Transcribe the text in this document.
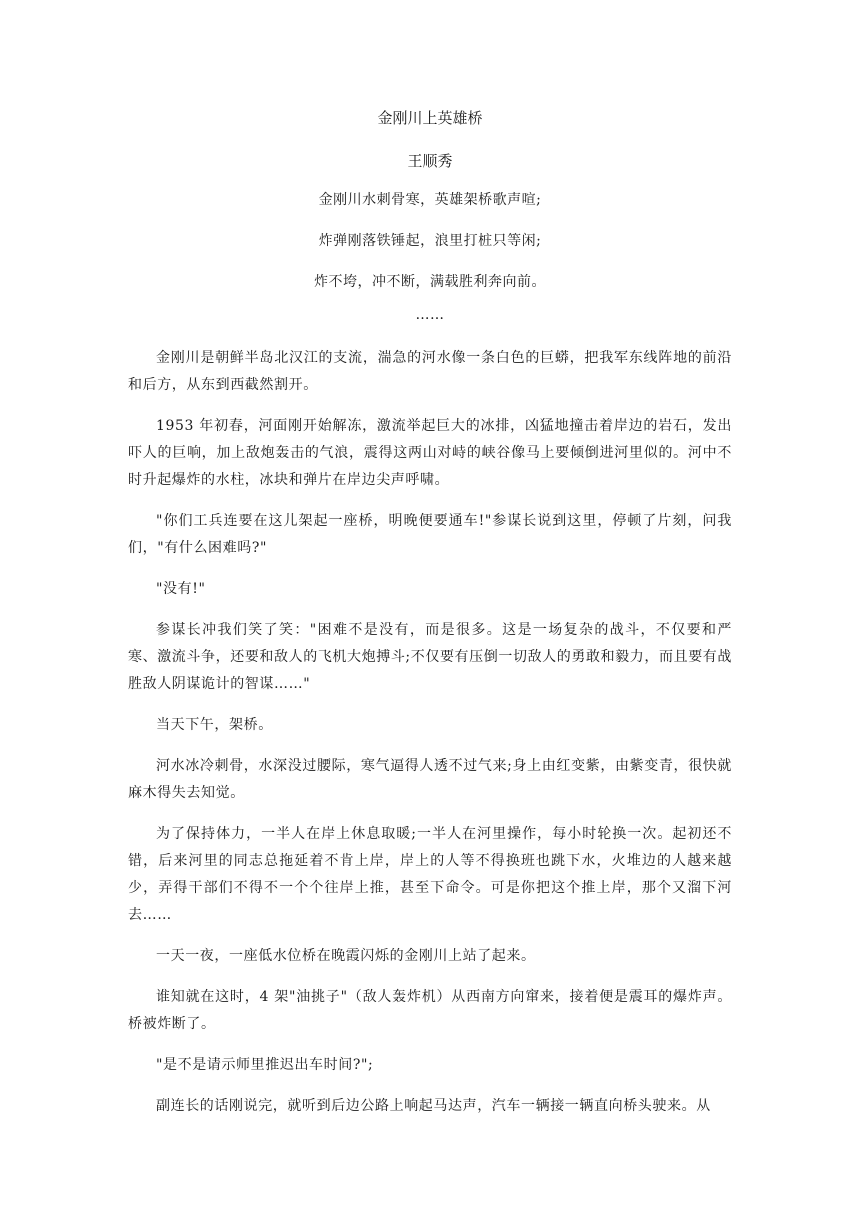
金刚川上英雄桥
王顺秀
金刚川水刺骨寒，英雄架桥歌声喧;
炸弹刚落铁锤起，浪里打桩只等闲;
炸不垮，冲不断，满载胜利奔向前。
……

金刚川是朝鲜半岛北汉江的支流，湍急的河水像一条白色的巨蟒，把我军东线阵地的前沿和后方，从东到西截然割开。

1953 年初春，河面刚开始解冻，激流举起巨大的冰排，凶猛地撞击着岸边的岩石，发出吓人的巨响，加上敌炮轰击的气浪，震得这两山对峙的峡谷像马上要倾倒进河里似的。河中不时升起爆炸的水柱，冰块和弹片在岸边尖声呼啸。

"你们工兵连要在这儿架起一座桥，明晚便要通车!"参谋长说到这里，停顿了片刻，问我们，"有什么困难吗?"

"没有!"

参谋长冲我们笑了笑："困难不是没有，而是很多。这是一场复杂的战斗，不仅要和严寒、激流斗争，还要和敌人的飞机大炮搏斗;不仅要有压倒一切敌人的勇敢和毅力，而且要有战胜敌人阴谋诡计的智谋……"

当天下午，架桥。

河水冰冷刺骨，水深没过腰际，寒气逼得人透不过气来;身上由红变紫，由紫变青，很快就麻木得失去知觉。

为了保持体力，一半人在岸上休息取暖;一半人在河里操作，每小时轮换一次。起初还不错，后来河里的同志总拖延着不肯上岸，岸上的人等不得换班也跳下水，火堆边的人越来越少，弄得干部们不得不一个个往岸上推，甚至下命令。可是你把这个推上岸，那个又溜下河去……

一天一夜，一座低水位桥在晚霞闪烁的金刚川上站了起来。

谁知就在这时，4 架"油挑子"（敌人轰炸机）从西南方向窜来，接着便是震耳的爆炸声。桥被炸断了。

"是不是请示师里推迟出车时间?";

副连长的话刚说完，就听到后边公路上响起马达声，汽车一辆接一辆直向桥头驶来。从
